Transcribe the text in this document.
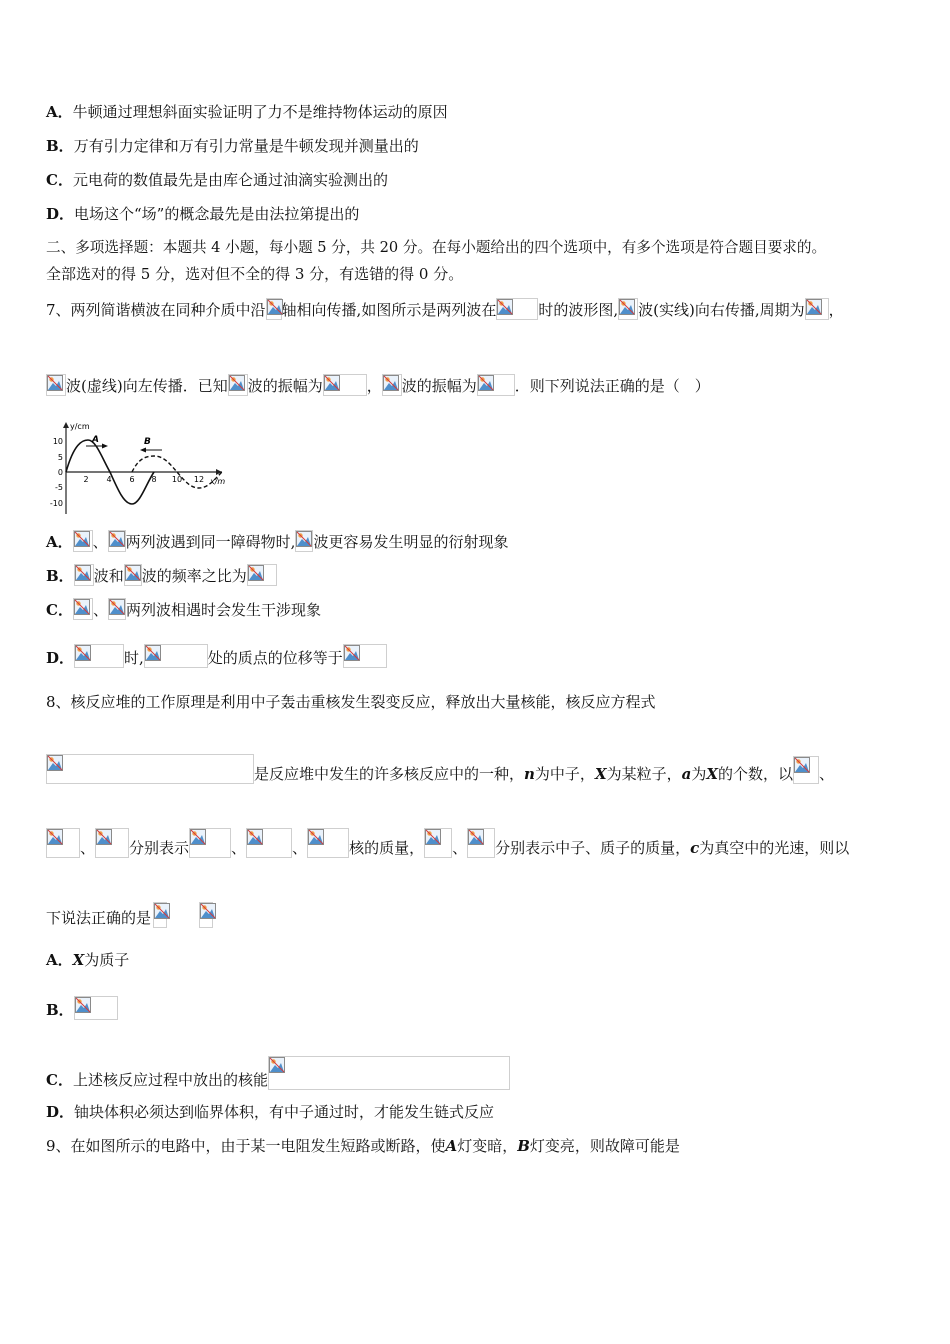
A．牛顿通过理想斜面实验证明了力不是维持物体运动的原因
B．万有引力定律和万有引力常量是牛顿发现并测量出的
C．元电荷的数值最先是由库仑通过油滴实验测出的
D．电场这个“场”的概念最先是由法拉第提出的
二、多项选择题：本题共 4 小题，每小题 5 分，共 20 分。在每小题给出的四个选项中，有多个选项是符合题目要求的。
全部选对的得 5 分，选对但不全的得 3 分，有选错的得 0 分。
7、两列简谐横波在同种介质中沿 轴相向传播,如图所示是两列波在	时的波形图, 波(实线)向右传播,周期为 ，
波(虚线)向左传播．已知 波的振幅为	， 波的振幅为	．则下列说法正确的是（　）
y/cm
x/m
10
5
0
-5
-10
2 4 6 8 10 12
A	B
A． 、 两列波遇到同一障碍物时, 波更容易发生明显的衍射现象
B． 波和 波的频率之比为
C． 、 两列波相遇时会发生干涉现象
D．	时,	处的质点的位移等于
8、核反应堆的工作原理是利用中子轰击重核发生裂变反应，释放出大量核能，核反应方程式
是反应堆中发生的许多核反应中的一种，n为中子，X为某粒子，a为X的个数，以 、
、 分别表示	、	、	核的质量， 、 分别表示中子、质子的质量，c为真空中的光速，则以
下说法正确的是
A．X为质子
B．
C．上述核反应过程中放出的核能
D．铀块体积必须达到临界体积，有中子通过时，才能发生链式反应
9、在如图所示的电路中，由于某一电阻发生短路或断路，使A灯变暗，B灯变亮，则故障可能是
